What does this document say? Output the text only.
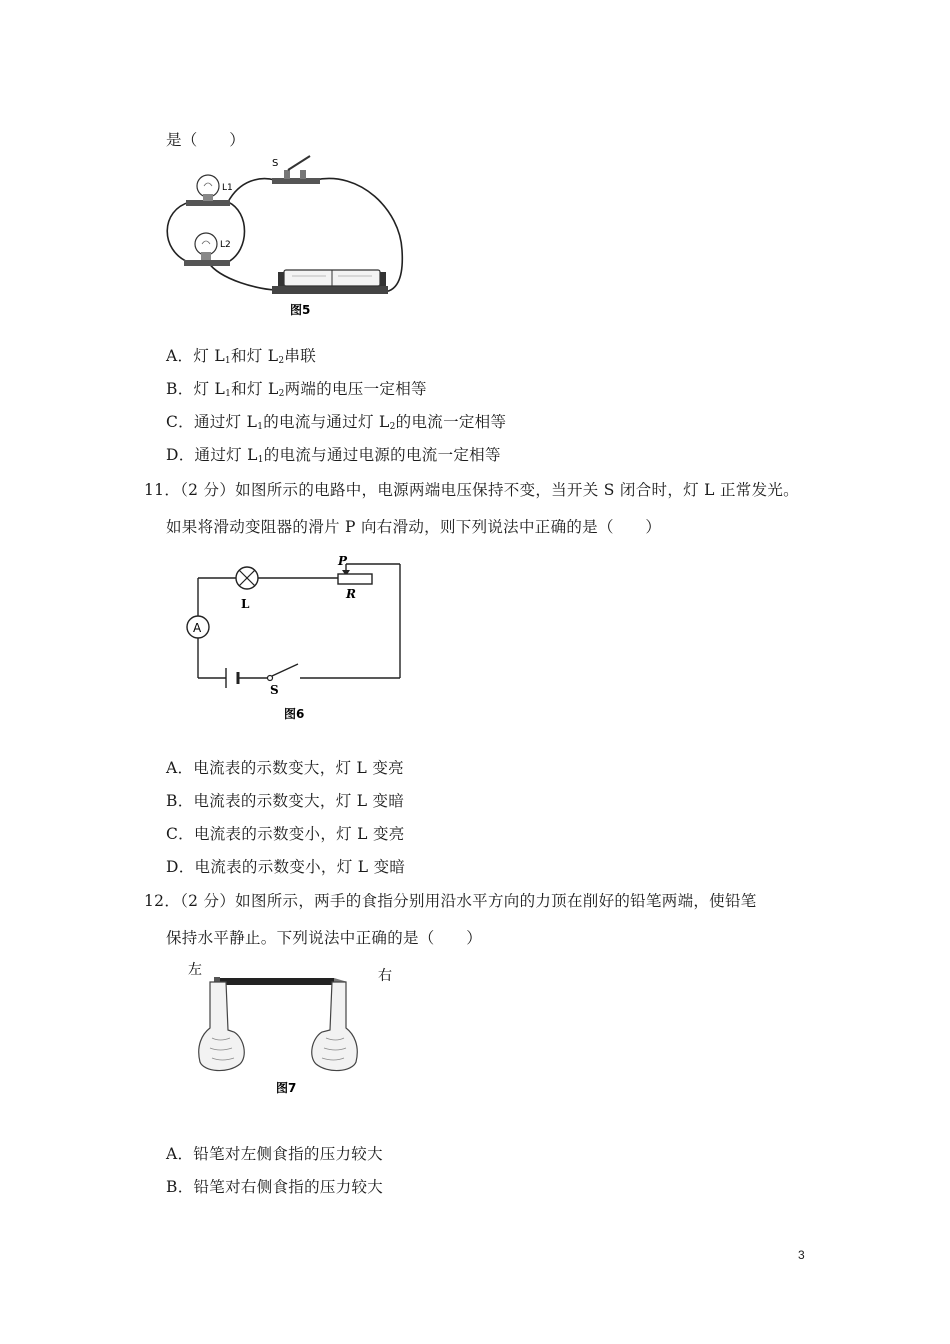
是（　　）
L1
L2
S
图5
A．灯 $L_1$和灯 $L_2$串联
B．灯 $L_1$和灯 $L_2$两端的电压一定相等
C．通过灯 $L_1$的电流与通过灯 $L_2$的电流一定相等
D．通过灯 $L_1$的电流与通过电源的电流一定相等
11．（2 分）如图所示的电路中，电源两端电压保持不变，当开关 S 闭合时，灯 L 正常发光。
如果将滑动变阻器的滑片 P 向右滑动，则下列说法中正确的是（　　）
L
P
R
A
S
图6
A．电流表的示数变大，灯 L 变亮
B．电流表的示数变大，灯 L 变暗
C．电流表的示数变小，灯 L 变亮
D．电流表的示数变小，灯 L 变暗
12．（2 分）如图所示，两手的食指分别用沿水平方向的力顶在削好的铅笔两端，使铅笔
保持水平静止。下列说法中正确的是（　　）
左	右
图7
A．铅笔对左侧食指的压力较大
B．铅笔对右侧食指的压力较大
3
